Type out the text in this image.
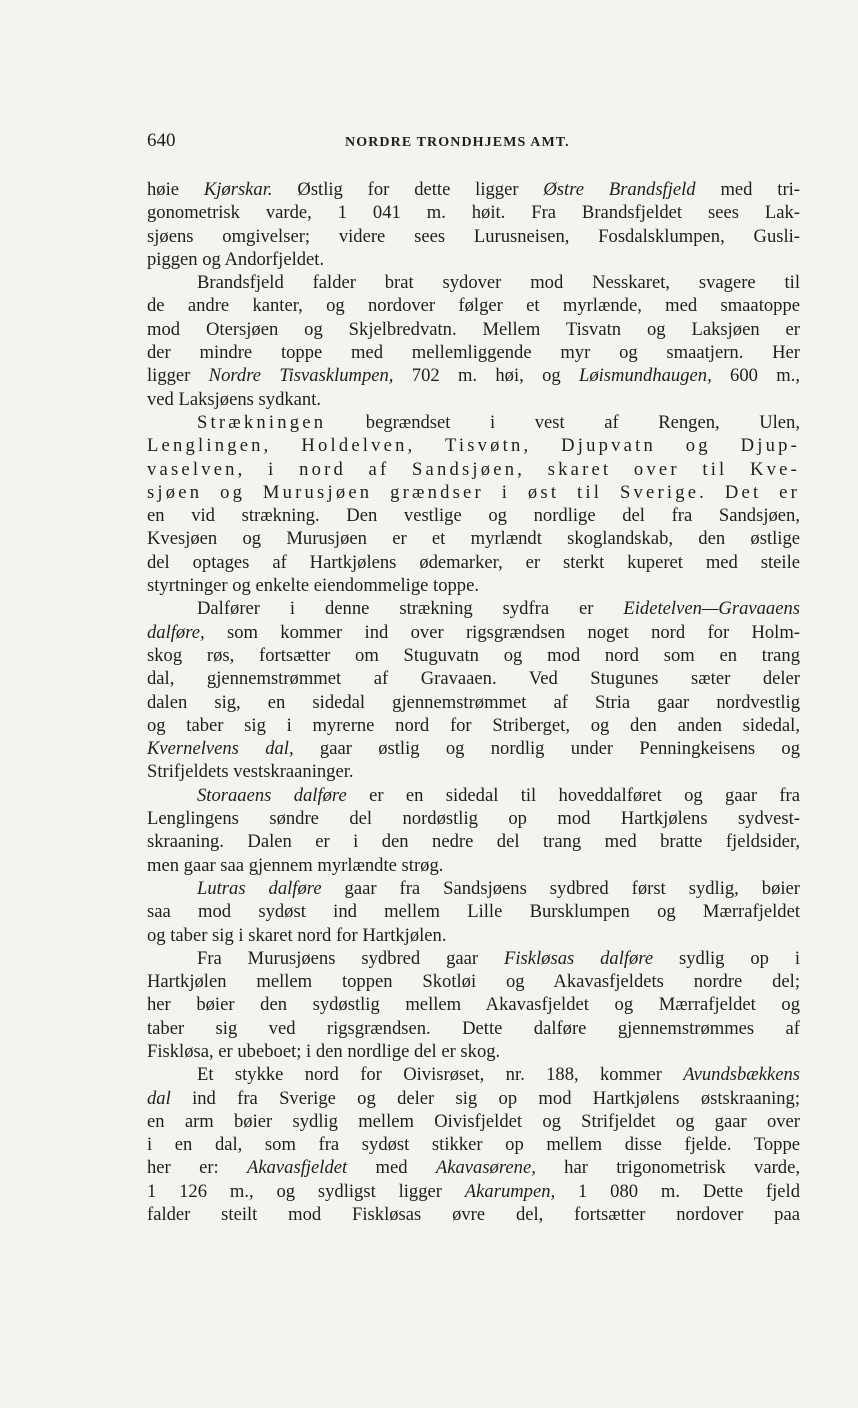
640	NORDRE TRONDHJEMS AMT.
høie Kjørskar. Østlig for dette ligger Østre Brandsfjeld med tri-
gonometrisk varde, 1 041 m. høit. Fra Brandsfjeldet sees Lak-
sjøens omgivelser; videre sees Lurusneisen, Fosdalsklumpen, Gusli-
piggen og Andorfjeldet.
Brandsfjeld falder brat sydover mod Nesskaret, svagere til
de andre kanter, og nordover følger et myrlænde, med smaatoppe
mod Otersjøen og Skjelbredvatn. Mellem Tisvatn og Laksjøen er
der mindre toppe med mellemliggende myr og smaatjern. Her
ligger Nordre Tisvasklumpen, 702 m. høi, og Løismundhaugen, 600 m.,
ved Laksjøens sydkant.
Strækningen begrændset i vest af Rengen, Ulen,
Lenglingen, Holdelven, Tisvøtn, Djupvatn og Djup-
vaselven, i nord af Sandsjøen, skaret over til Kve-
sjøen og Murusjøen grændser i øst til Sverige. Det er
en vid strækning. Den vestlige og nordlige del fra Sandsjøen,
Kvesjøen og Murusjøen er et myrlændt skoglandskab, den østlige
del optages af Hartkjølens ødemarker, er sterkt kuperet med steile
styrtninger og enkelte eiendommelige toppe.
Dalfører i denne strækning sydfra er Eidetelven—Gravaaens
dalføre, som kommer ind over rigsgrændsen noget nord for Holm-
skog røs, fortsætter om Stuguvatn og mod nord som en trang
dal, gjennemstrømmet af Gravaaen. Ved Stugunes sæter deler
dalen sig, en sidedal gjennemstrømmet af Stria gaar nordvestlig
og taber sig i myrerne nord for Striberget, og den anden sidedal,
Kvernelvens dal, gaar østlig og nordlig under Penningkeisens og
Strifjeldets vestskraaninger.
Storaaens dalføre er en sidedal til hoveddalføret og gaar fra
Lenglingens søndre del nordøstlig op mod Hartkjølens sydvest-
skraaning. Dalen er i den nedre del trang med bratte fjeldsider,
men gaar saa gjennem myrlændte strøg.
Lutras dalføre gaar fra Sandsjøens sydbred først sydlig, bøier
saa mod sydøst ind mellem Lille Bursklumpen og Mærrafjeldet
og taber sig i skaret nord for Hartkjølen.
Fra Murusjøens sydbred gaar Fiskløsas dalføre sydlig op i
Hartkjølen mellem toppen Skotløi og Akavasfjeldets nordre del;
her bøier den sydøstlig mellem Akavasfjeldet og Mærrafjeldet og
taber sig ved rigsgrændsen. Dette dalføre gjennemstrømmes af
Fiskløsa, er ubeboet; i den nordlige del er skog.
Et stykke nord for Oivisrøset, nr. 188, kommer Avundsbækkens
dal ind fra Sverige og deler sig op mod Hartkjølens østskraaning;
en arm bøier sydlig mellem Oivisfjeldet og Strifjeldet og gaar over
i en dal, som fra sydøst stikker op mellem disse fjelde. Toppe
her er: Akavasfjeldet med Akavasørene, har trigonometrisk varde,
1 126 m., og sydligst ligger Akarumpen, 1 080 m. Dette fjeld
falder steilt mod Fiskløsas øvre del, fortsætter nordover paa
